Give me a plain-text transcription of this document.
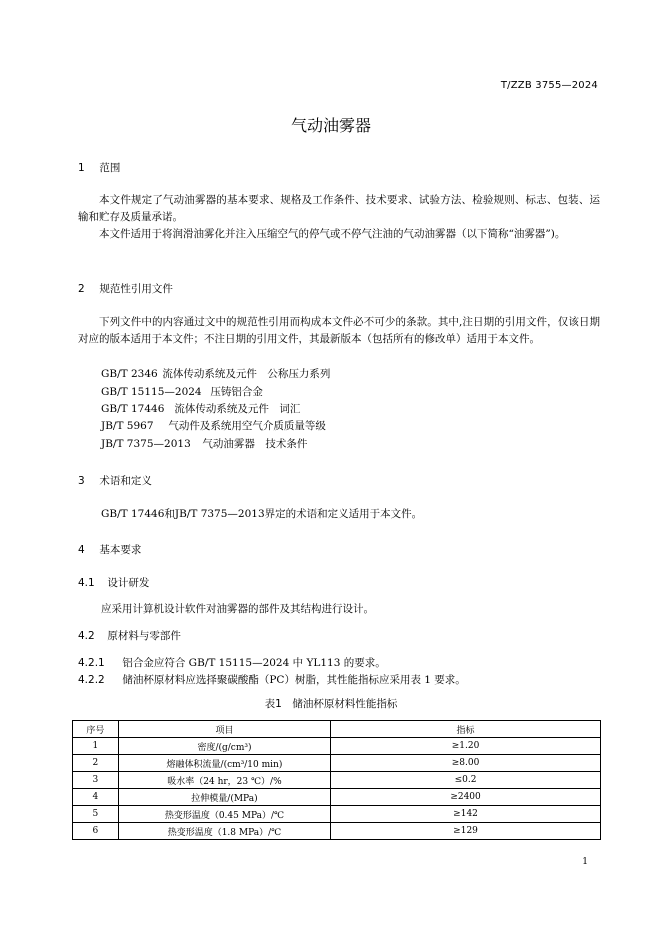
T/ZZB 3755—2024
气动油雾器
1 范围
本文件规定了气动油雾器的基本要求、规格及工作条件、技术要求、试验方法、检验规则、标志、包装、运输和贮存及质量承诺。
本文件适用于将润滑油雾化并注入压缩空气的停气或不停气注油的气动油雾器（以下简称“油雾器”)。
2 规范性引用文件
下列文件中的内容通过文中的规范性引用而构成本文件必不可少的条款。其中,注日期的引用文件，仅该日期对应的版本适用于本文件；不注日期的引用文件，其最新版本（包括所有的修改单）适用于本文件。
GB/T 2346 流体传动系统及元件　公称压力系列
GB/T 15115—2024 压铸铝合金
GB/T 17446 流体传动系统及元件　词汇
JB/T 5967 气动件及系统用空气介质质量等级
JB/T 7375—2013 气动油雾器　技术条件
3 术语和定义
GB/T 17446和JB/T 7375—2013界定的术语和定义适用于本文件。
4 基本要求
4.1 设计研发
应采用计算机设计软件对油雾器的部件及其结构进行设计。
4.2 原材料与零部件
4.2.1 铝合金应符合 GB/T 15115—2024 中 YL113 的要求。
4.2.2 储油杯原材料应选择聚碳酸酯（PC）树脂，其性能指标应采用表 1 要求。
表1　储油杯原材料性能指标
序号	项目	指标
1	密度/(g/cm³)	≥1.20
2	熔融体积流量/(cm³/10 min)	≥8.00
3	吸水率（24 hr，23 ℃）/%	≤0.2
4	拉伸模量/(MPa)	≥2400
5	热变形温度（0.45 MPa）/℃	≥142
6	热变形温度（1.8 MPa）/℃	≥129
1
